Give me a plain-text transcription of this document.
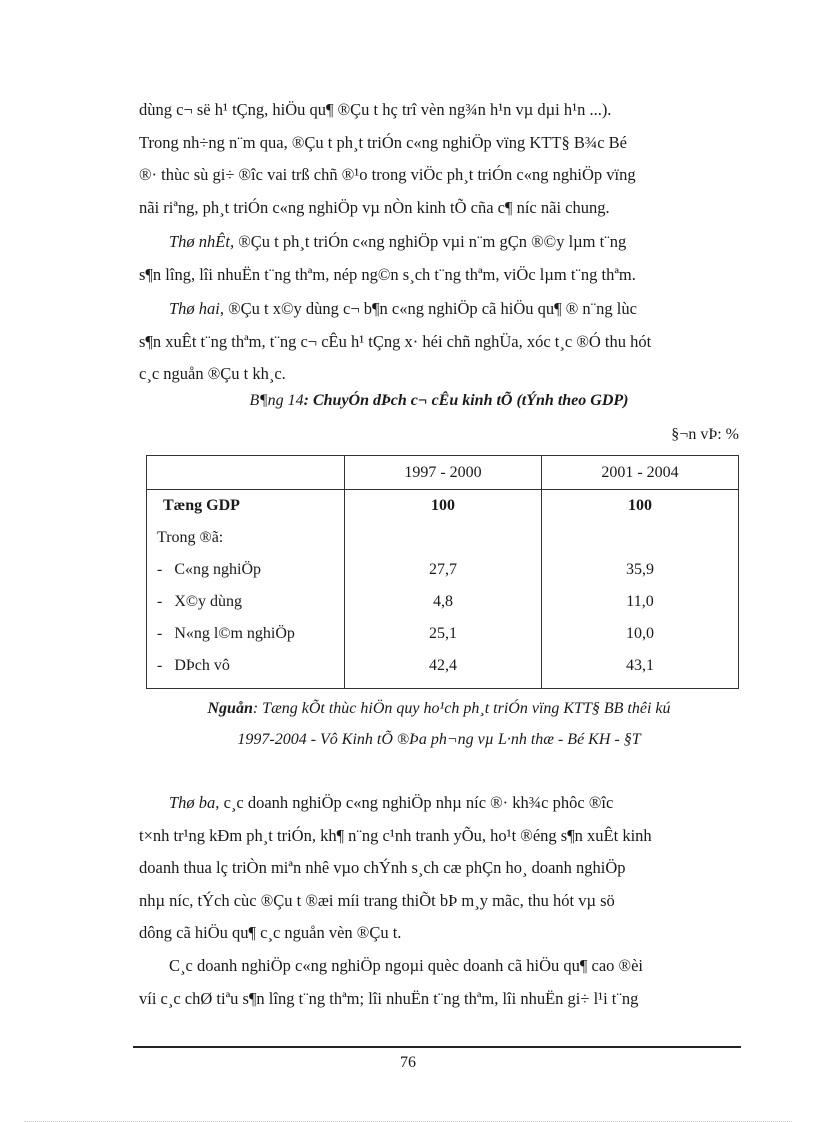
dùng c¬ së h¹ tÇng, hiÖu qu¶ ®Çu t hç trî vèn ng¾n h¹n vµ dµi h¹n ...).
Trong nh÷ng n¨m qua, ®Çu t ph¸t triÓn c«ng nghiÖp vïng KTT§ B¾c Bé
®· thùc sù gi÷ ®îc vai trß chñ ®¹o trong viÖc ph¸t triÓn c«ng nghiÖp vïng
nãi riªng, ph¸t triÓn c«ng nghiÖp vµ nÒn kinh tÕ cña c¶ níc nãi chung.
Thø nhÊt, ®Çu t ph¸t triÓn c«ng nghiÖp vµi n¨m gÇn ®©y lµm t¨ng
s¶n lîng, lîi nhuËn t¨ng thªm, nép ng©n s¸ch t¨ng thªm, viÖc lµm t¨ng thªm.
Thø hai, ®Çu t x©y dùng c¬ b¶n c«ng nghiÖp cã hiÖu qu¶ ® n¨ng lùc
s¶n xuÊt t¨ng thªm, t¨ng c¬ cÊu h¹ tÇng x· héi chñ nghÜa, xóc t¸c ®Ó thu hót
c¸c nguån ®Çu t kh¸c.
B¶ng 14: ChuyÓn dÞch c¬ cÊu kinh tÕ (tÝnh theo GDP)
§¬n vÞ: %
	1997 - 2000	2001 - 2004
Tæng GDP	100	100
Trong ®ã:		
-   C«ng nghiÖp	27,7	35,9
-   X©y dùng	4,8	11,0
-   N«ng l©m nghiÖp	25,1	10,0
-   DÞch vô	42,4	43,1
Nguån: Tæng kÕt thùc hiÖn quy ho¹ch ph¸t triÓn vïng KTT§ BB thêi kú
1997-2004 - Vô Kinh tÕ ®Þa ph¬ng vµ L·nh thæ - Bé KH - §T
Thø ba, c¸c doanh nghiÖp c«ng nghiÖp nhµ níc ®· kh¾c phôc ®îc
t×nh tr¹ng kÐm ph¸t triÓn, kh¶ n¨ng c¹nh tranh yÕu, ho¹t ®éng s¶n xuÊt kinh
doanh thua lç triÒn miªn nhê vµo chÝnh s¸ch cæ phÇn ho¸ doanh nghiÖp
nhµ níc, tÝch cùc ®Çu t ®æi míi trang thiÕt bÞ m¸y mãc, thu hót vµ sö
dông cã hiÖu qu¶ c¸c nguån vèn ®Çu t.
C¸c doanh nghiÖp c«ng nghiÖp ngoµi quèc doanh cã hiÖu qu¶ cao ®èi
víi c¸c chØ tiªu s¶n lîng t¨ng thªm; lîi nhuËn t¨ng thªm, lîi nhuËn gi÷ l¹i t¨ng
76
